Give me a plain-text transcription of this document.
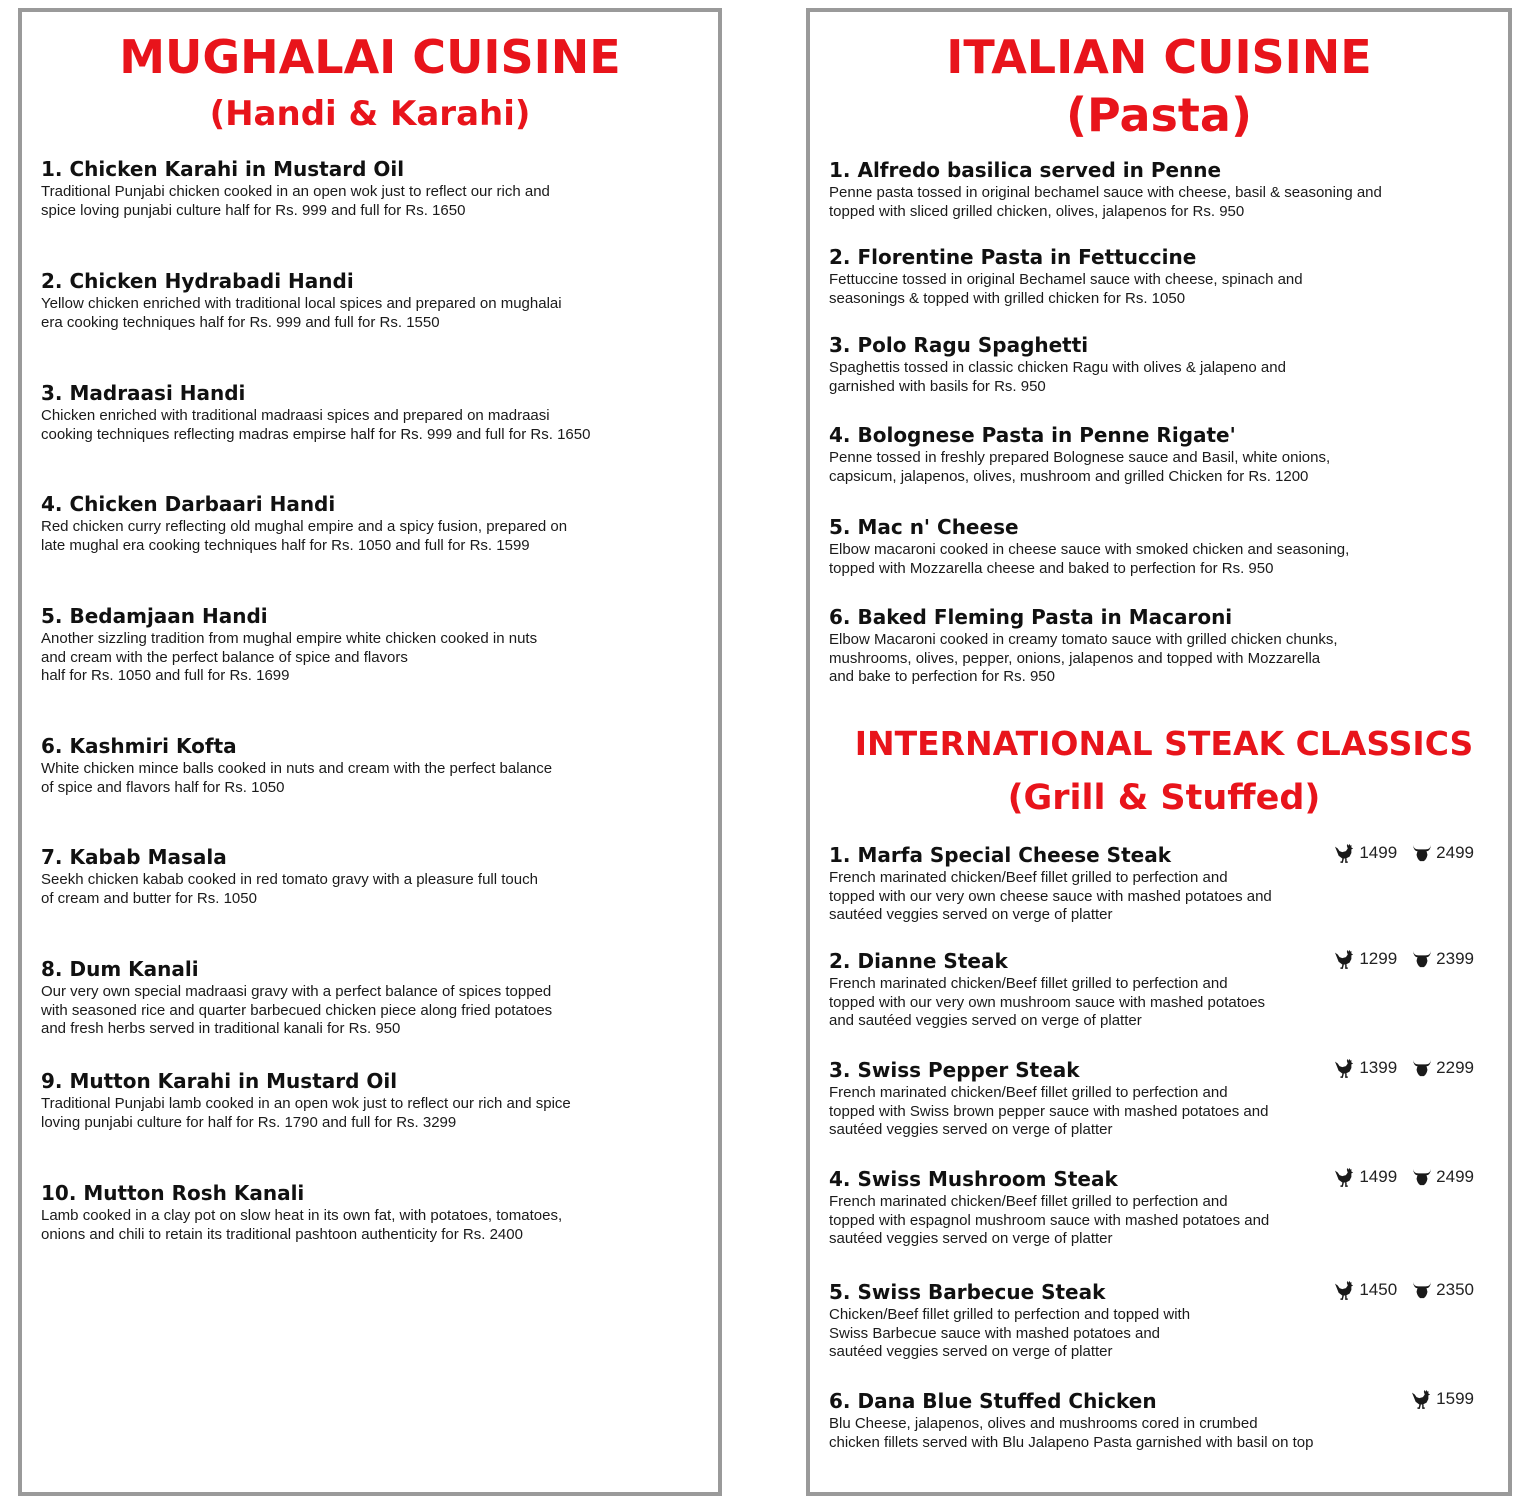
MUGHALAI CUISINE
(Handi & Karahi)
1. Chicken Karahi in Mustard Oil
Traditional Punjabi chicken cooked in an open wok just to reflect our rich and
spice loving punjabi culture half for Rs. 999 and full for Rs. 1650
2. Chicken Hydrabadi Handi
Yellow chicken enriched with traditional local spices and prepared on mughalai
era cooking techniques half for Rs. 999 and full for Rs. 1550
3. Madraasi Handi
Chicken enriched with traditional madraasi spices and prepared on madraasi
cooking techniques reflecting madras empirse half for Rs. 999 and full for Rs. 1650
4. Chicken Darbaari Handi
Red chicken curry reflecting old mughal empire and a spicy fusion, prepared on
late mughal era cooking techniques half for Rs. 1050 and full for Rs. 1599
5. Bedamjaan Handi
Another sizzling tradition from mughal empire white chicken cooked in nuts
and cream with the perfect balance of spice and flavors
half for Rs. 1050 and full for Rs. 1699
6. Kashmiri Kofta
White chicken mince balls cooked in nuts and cream with the perfect balance
of spice and flavors half for Rs. 1050
7. Kabab Masala
Seekh chicken kabab cooked in red tomato gravy with a pleasure full touch
of cream and butter for Rs. 1050
8. Dum Kanali
Our very own special madraasi gravy with a perfect balance of spices topped
with seasoned rice and quarter barbecued chicken piece along fried potatoes
and fresh herbs served in traditional kanali for Rs. 950
9. Mutton Karahi in Mustard Oil
Traditional Punjabi lamb cooked in an open wok just to reflect our rich and spice
loving punjabi culture for half for Rs. 1790 and full for Rs. 3299
10. Mutton Rosh Kanali
Lamb cooked in a clay pot on slow heat in its own fat, with potatoes, tomatoes,
onions and chili to retain its traditional pashtoon authenticity for Rs. 2400
ITALIAN CUISINE
(Pasta)
1. Alfredo basilica served in Penne
Penne pasta tossed in original bechamel sauce with cheese, basil & seasoning and
topped with sliced grilled chicken, olives, jalapenos for Rs. 950
2. Florentine Pasta in Fettuccine
Fettuccine tossed in original Bechamel sauce with cheese, spinach and
seasonings & topped with grilled chicken for Rs. 1050
3. Polo Ragu Spaghetti
Spaghettis tossed in classic chicken Ragu with olives & jalapeno and
garnished with basils for Rs. 950
4. Bolognese Pasta in Penne Rigate'
Penne tossed in freshly prepared Bolognese sauce and Basil, white onions,
capsicum, jalapenos, olives, mushroom and grilled Chicken for Rs. 1200
5. Mac n' Cheese
Elbow macaroni cooked in cheese sauce with smoked chicken and seasoning,
topped with Mozzarella cheese and baked to perfection for Rs. 950
6. Baked Fleming Pasta in Macaroni
Elbow Macaroni cooked in creamy tomato sauce with grilled chicken chunks,
mushrooms, olives, pepper, onions, jalapenos and topped with Mozzarella
and bake to perfection for Rs. 950
INTERNATIONAL STEAK CLASSICS
(Grill & Stuffed)
1. Marfa Special Cheese Steak
French marinated chicken/Beef fillet grilled to perfection and
topped with our very own cheese sauce with mashed potatoes and
sautéed veggies served on verge of platter
1499 2499
2. Dianne Steak
French marinated chicken/Beef fillet grilled to perfection and
topped with our very own mushroom sauce with mashed potatoes
and sautéed veggies served on verge of platter
1299 2399
3. Swiss Pepper Steak
French marinated chicken/Beef fillet grilled to perfection and
topped with Swiss brown pepper sauce with mashed potatoes and
sautéed veggies served on verge of platter
1399 2299
4. Swiss Mushroom Steak
French marinated chicken/Beef fillet grilled to perfection and
topped with espagnol mushroom sauce with mashed potatoes and
sautéed veggies served on verge of platter
1499 2499
5. Swiss Barbecue Steak
Chicken/Beef fillet grilled to perfection and topped with
Swiss Barbecue sauce with mashed potatoes and
sautéed veggies served on verge of platter
1450 2350
6. Dana Blue Stuffed Chicken
Blu Cheese, jalapenos, olives and mushrooms cored in crumbed
chicken fillets served with Blu Jalapeno Pasta garnished with basil on top
1599
